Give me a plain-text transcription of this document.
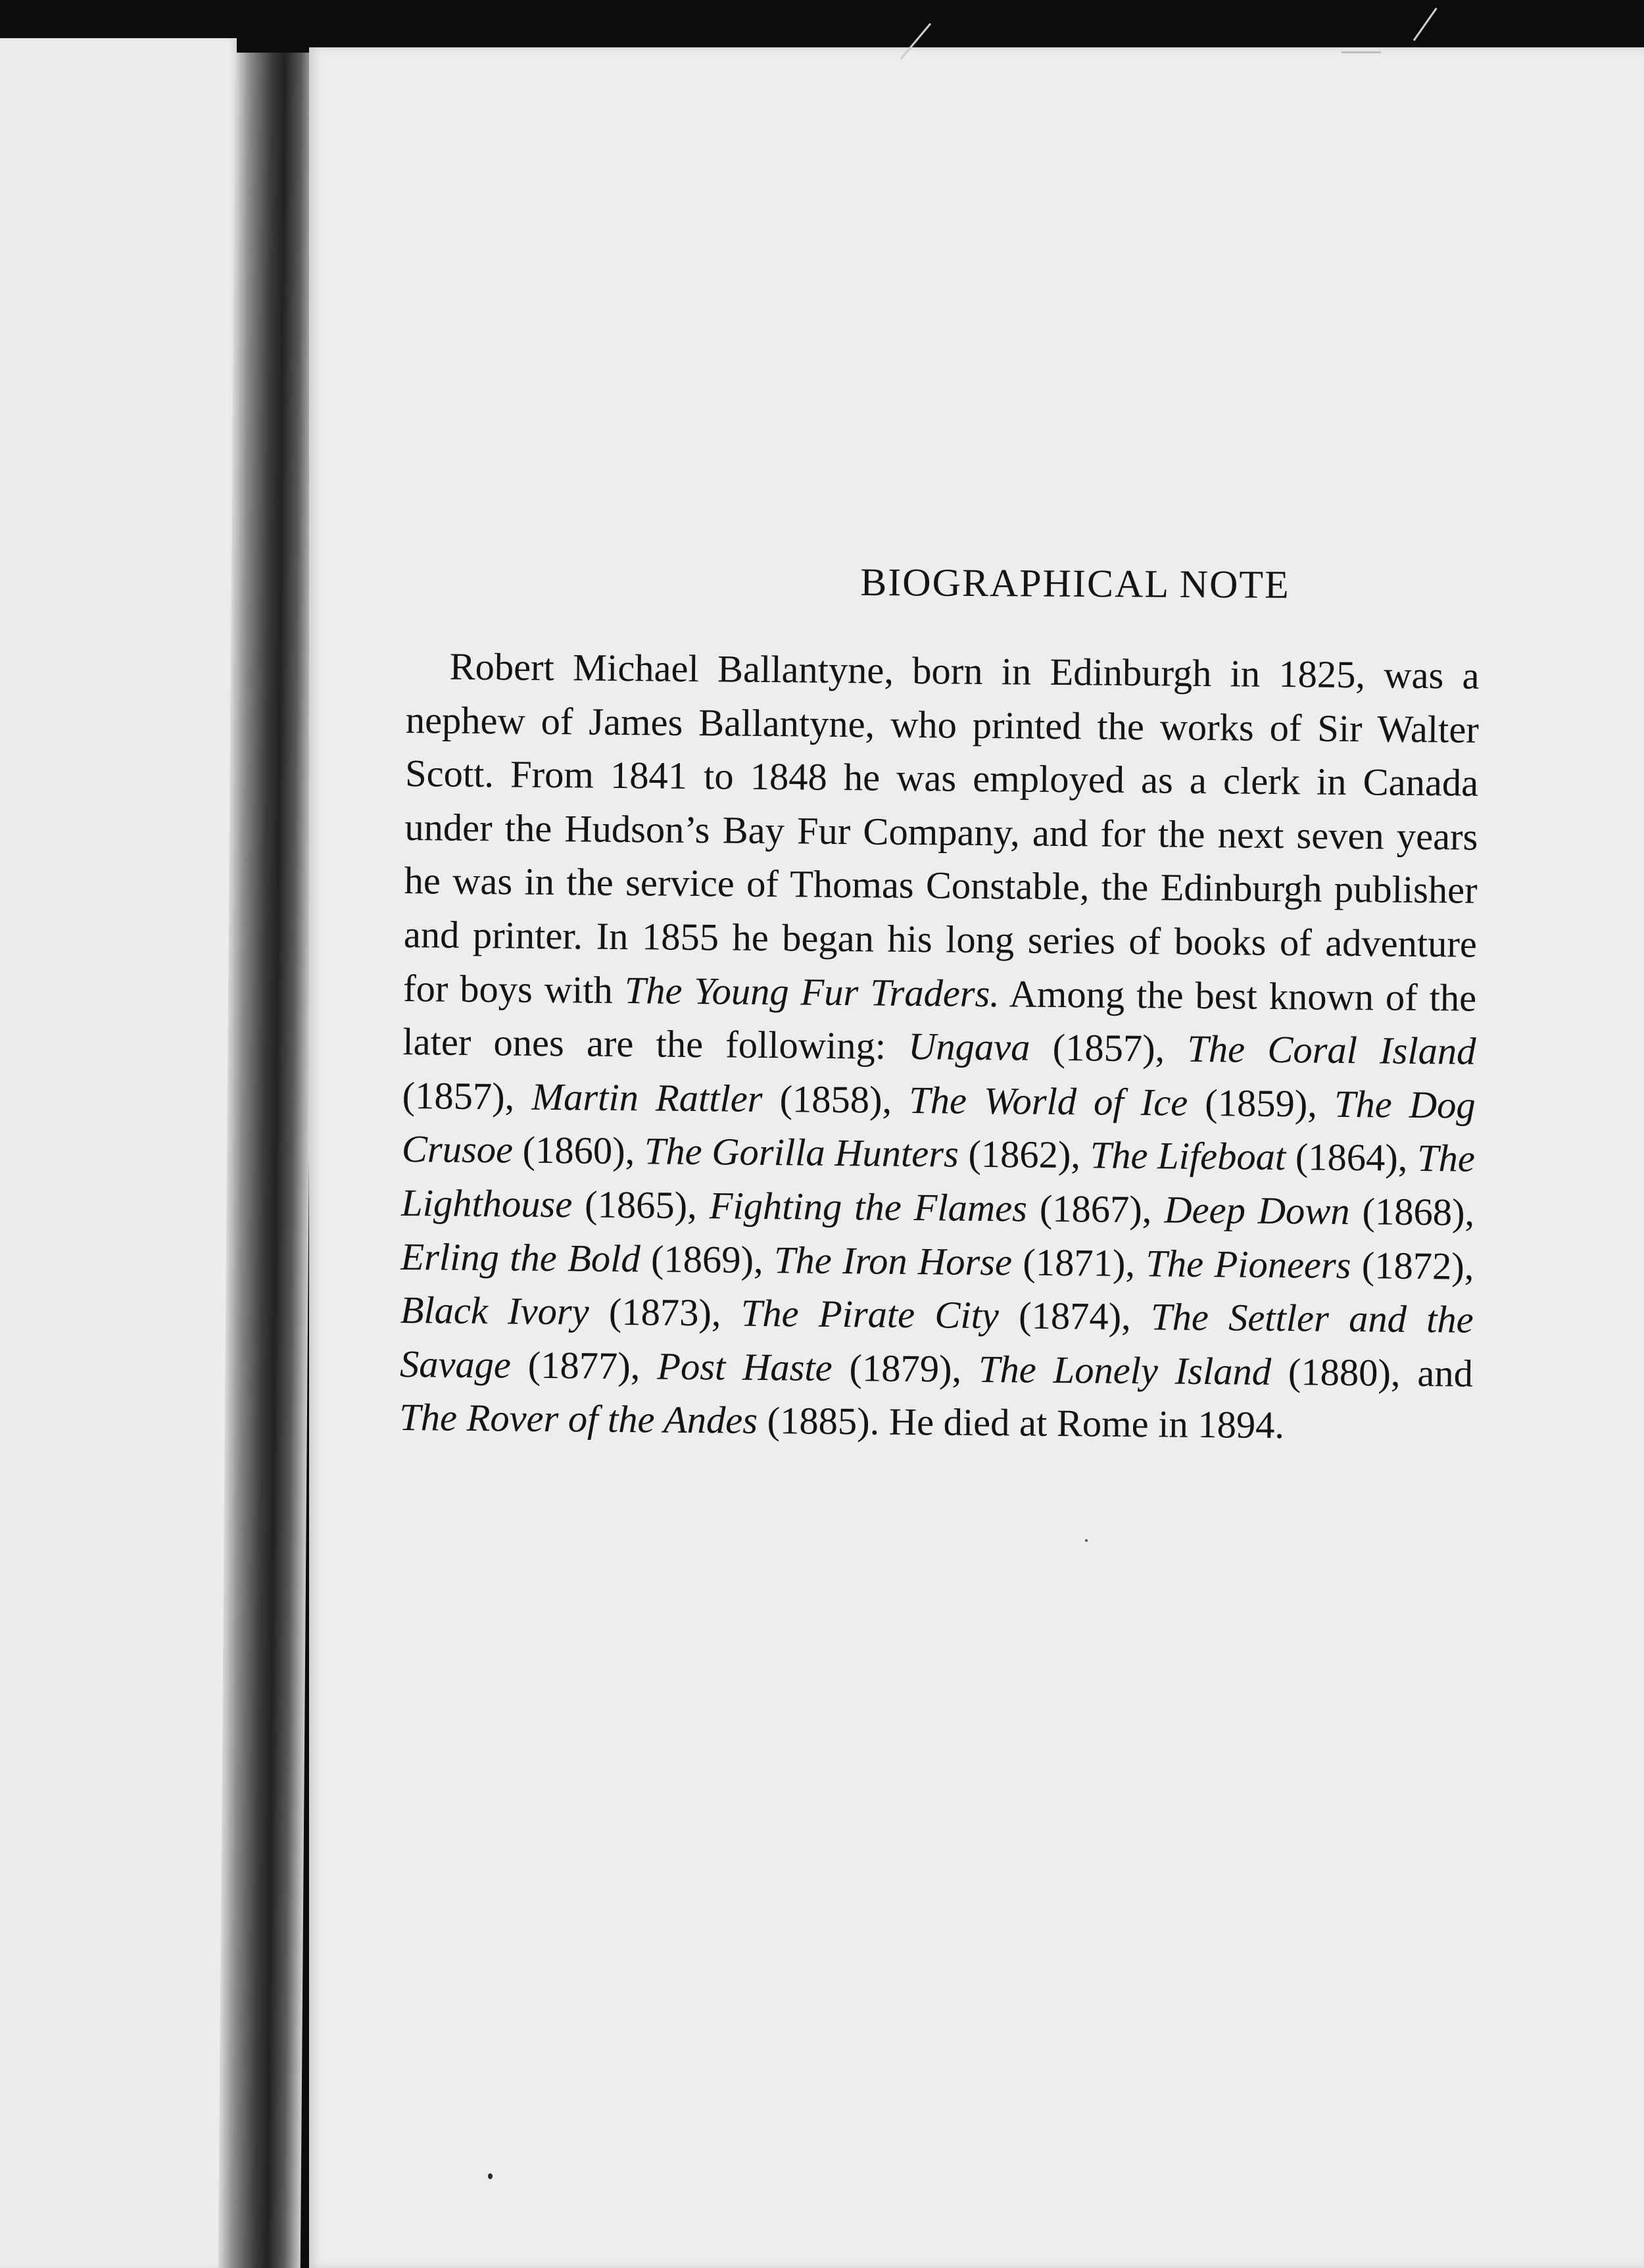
BIOGRAPHICAL NOTE
Robert Michael Ballantyne, born in Edinburgh in 1825, was a nephew of James Ballantyne, who printed the works of Sir Walter Scott. From 1841 to 1848 he was employed as a clerk in Canada under the Hudson’s Bay Fur Company, and for the next seven years he was in the service of Thomas Constable, the Edinburgh publisher and printer. In 1855 he began his long series of books of adventure for boys with The Young Fur Traders. Among the best known of the later ones are the following: Ungava (1857), The Coral Island (1857), Martin Rattler (1858), The World of Ice (1859), The Dog Crusoe (1860), The Gorilla Hunters (1862), The Lifeboat (1864), The Lighthouse (1865), Fighting the Flames (1867), Deep Down (1868), Erling the Bold (1869), The Iron Horse (1871), The Pioneers (1872), Black Ivory (1873), The Pirate City (1874), The Settler and the Savage (1877), Post Haste (1879), The Lonely Island (1880), and The Rover of the Andes (1885). He died at Rome in 1894.
